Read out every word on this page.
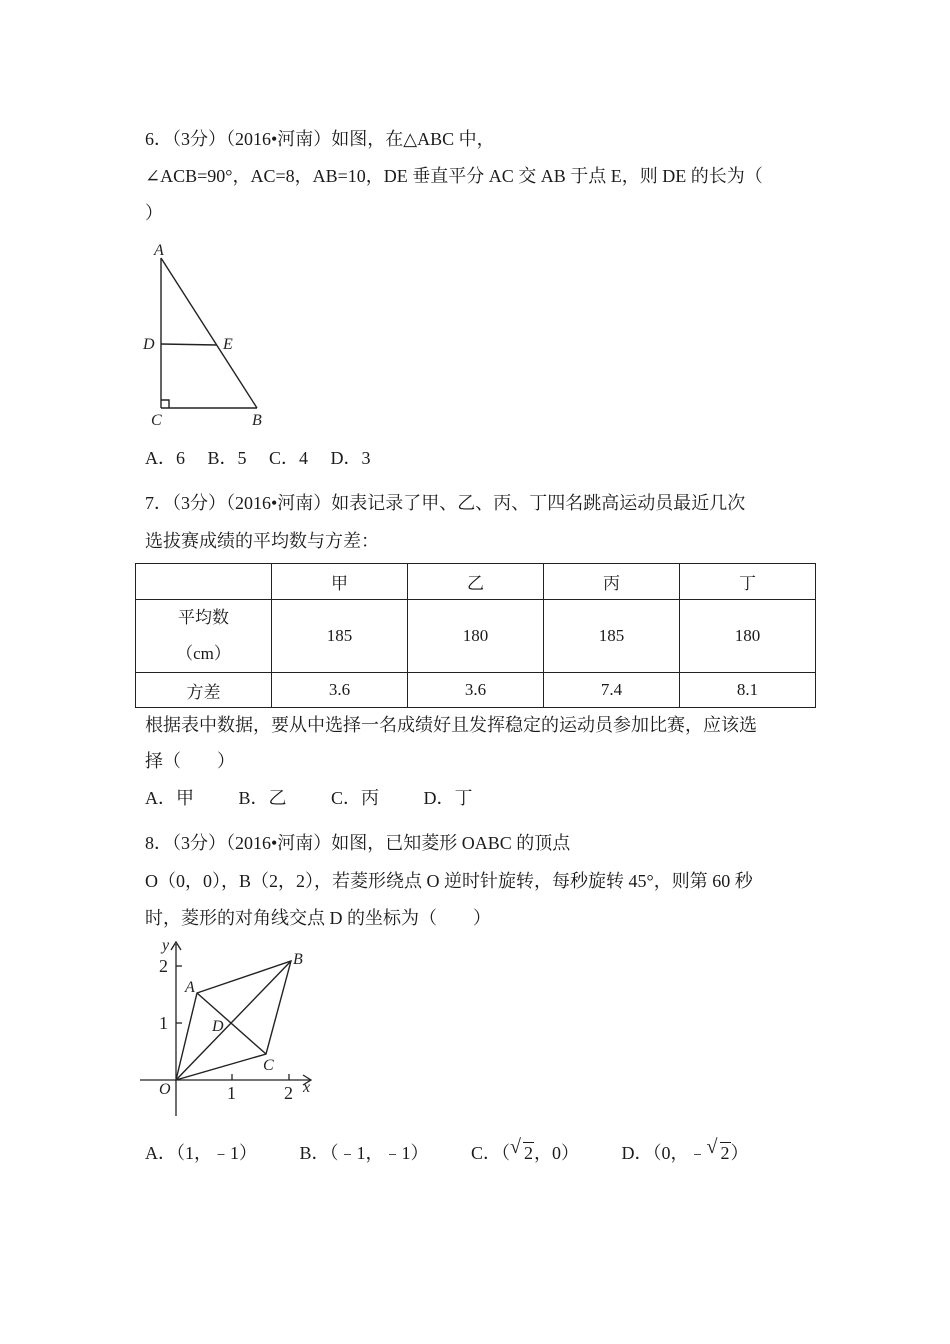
6．（3分）（2016•河南）如图，在△ABC 中，
∠ACB=90°，AC=8，AB=10，DE 垂直平分 AC 交 AB 于点 E，则 DE 的长为（
）
A
D	E
C	B
A．6 B．5 C．4 D．3
7．（3分）（2016•河南）如表记录了甲、乙、丙、丁四名跳高运动员最近几次
选拔赛成绩的平均数与方差：
	甲	乙	丙	丁

平均数
（cm）	185	180	185	180
方差	3.6	3.6	7.4	8.1
根据表中数据，要从中选择一名成绩好且发挥稳定的运动员参加比赛，应该选
择（　　）
A．甲 B．乙 C．丙 D．丁
8．（3分）（2016•河南）如图，已知菱形 OABC 的顶点
O（0，0），B（2，2），若菱形绕点 O 逆时针旋转，每秒旋转 45°，则第 60 秒
时，菱形的对角线交点 D 的坐标为（　　）
y
x
O
A
B
C
D
1
2
1	2
A．（1，﹣1） B．（﹣1，﹣1） C．（ √ 2，0） D．（0，﹣ √ 2）
